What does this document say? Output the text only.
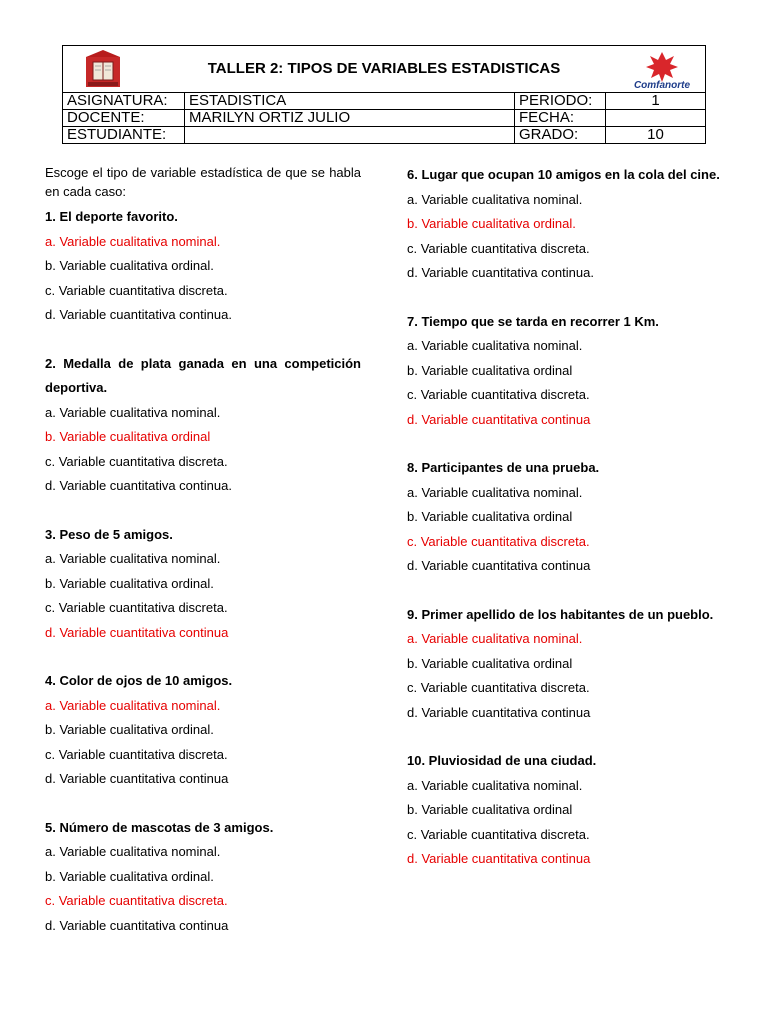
TALLER 2: TIPOS DE VARIABLES ESTADISTICAS
Comfanorte			

ASIGNATURA:	ESTADISTICA	PERIODO:	1
DOCENTE:	MARILYN ORTIZ JULIO	FECHA:	
ESTUDIANTE:		GRADO:	10
Escoge el tipo de variable estadística de que se habla en cada caso:
1. El deporte favorito.
a. Variable cualitativa nominal.
b. Variable cualitativa ordinal.
c. Variable cuantitativa discreta.
d. Variable cuantitativa continua.
2. Medalla de plata ganada en una competición deportiva.
a. Variable cualitativa nominal.
b. Variable cualitativa ordinal
c. Variable cuantitativa discreta.
d. Variable cuantitativa continua.
3. Peso de 5 amigos.
a. Variable cualitativa nominal.
b. Variable cualitativa ordinal.
c. Variable cuantitativa discreta.
d. Variable cuantitativa continua
4. Color de ojos de 10 amigos.
a. Variable cualitativa nominal.
b. Variable cualitativa ordinal.
c. Variable cuantitativa discreta.
d. Variable cuantitativa continua
5. Número de mascotas de 3 amigos.
a. Variable cualitativa nominal.
b. Variable cualitativa ordinal.
c. Variable cuantitativa discreta.
d. Variable cuantitativa continua
6. Lugar que ocupan 10 amigos en la cola del cine.
a. Variable cualitativa nominal.
b. Variable cualitativa ordinal.
c. Variable cuantitativa discreta.
d. Variable cuantitativa continua.
7. Tiempo que se tarda en recorrer 1 Km.
a. Variable cualitativa nominal.
b. Variable cualitativa ordinal
c. Variable cuantitativa discreta.
d. Variable cuantitativa continua
8. Participantes de una prueba.
a. Variable cualitativa nominal.
b. Variable cualitativa ordinal
c. Variable cuantitativa discreta.
d. Variable cuantitativa continua
9. Primer apellido de los habitantes de un pueblo.
a. Variable cualitativa nominal.
b. Variable cualitativa ordinal
c. Variable cuantitativa discreta.
d. Variable cuantitativa continua
10. Pluviosidad de una ciudad.
a. Variable cualitativa nominal.
b. Variable cualitativa ordinal
c. Variable cuantitativa discreta.
d. Variable cuantitativa continua
